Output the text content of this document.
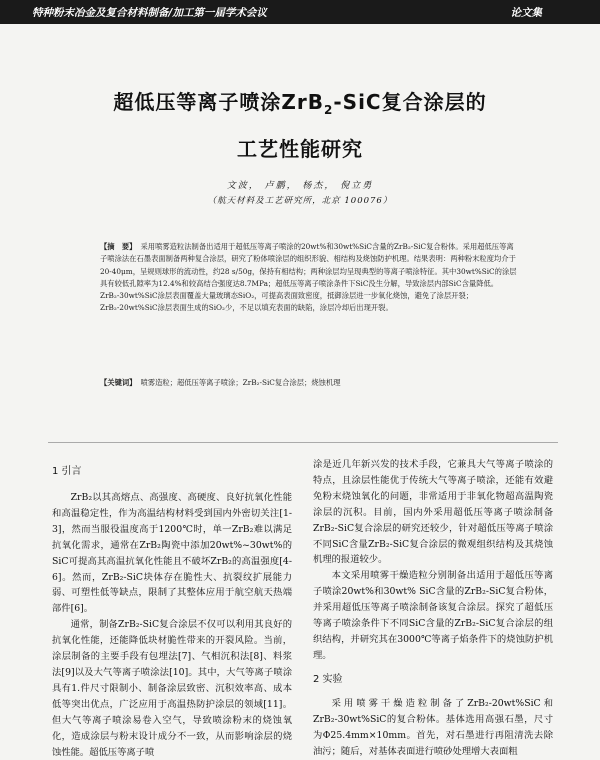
特种粉末冶金及复合材料制备/加工第一届学术会议	论文集
超低压等离子喷涂ZrB$_2$-SiC复合涂层的
工艺性能研究
文波， 卢鹏， 杨杰， 倪立勇
（航天材料及工艺研究所，北京 100076）
【摘　要】 采用喷雾造粒法制备出适用于超低压等离子喷涂的20wt%和30wt%SiC含量的ZrB₂-SiC复合粉体。采用超低压等离子喷涂法在石墨表面制备两种复合涂层，研究了粉体喷涂层的组织形貌、相结构及烧蚀防护机理。结果表明：两种粉末粒度均介于20-40μm，呈规则球形的流动性，约28 s/50g，保持有相结构；两种涂层均呈现典型的等离子喷涂特征。其中30wt%SiC的涂层具有较低孔隙率为12.4%和较高结合强度达8.7MPa；超低压等离子喷涂条件下SiC没生分解，导致涂层内部SiC含量降低。ZrB₂-30wt%SiC涂层表面覆盖大量玻璃态SiO₂，可提高表面致密度，抵御涂层进一步氧化烧蚀，避免了涂层开裂；ZrB₂-20wt%SiC涂层表面生成的SiO₂少，不足以填充表面的缺陷，涂层冷却后出现开裂。
【关键词】 喷雾造粒；超低压等离子喷涂；ZrB₂-SiC复合涂层；烧蚀机理
1 引言

ZrB₂以其高熔点、高强度、高硬度、良好抗氧化性能和高温稳定性，作为高温结构材料受到国内外密切关注[1-3]，然而当服役温度高于1200℃时，单一ZrB₂难以满足抗氧化需求，通常在ZrB₂陶瓷中添加20wt%~30wt%的SiC可提高其高温抗氧化性能且不破坏ZrB₂的高温强度[4-6]。然而，ZrB₂-SiC块体存在脆性大、抗裂纹扩展能力弱、可塑性低等缺点，限制了其整体应用于航空航天热端部件[6]。

通常，制备ZrB₂-SiC复合涂层不仅可以利用其良好的抗氧化性能，还能降低块材脆性带来的开裂风险。当前，涂层制备的主要手段有包埋法[7]、气相沉积法[8]、料浆法[9]以及大气等离子喷涂法[10]。其中，大气等离子喷涂具有1.件尺寸限制小、制备涂层致密、沉积效率高、成本低等突出优点，广泛应用于高温热防护涂层的领域[11]。但大气等离子喷涂易卷入空气，导致喷涂粉末的烧蚀氧化，造成涂层与粉末设计成分不一致，从而影响涂层的烧蚀性能。超低压等离子喷

涂是近几年新兴发的技术手段，它兼具大气等离子喷涂的特点，且涂层性能优于传统大气等离子喷涂，还能有效避免粉末烧蚀氧化的问题，非常适用于非氧化物超高温陶瓷涂层的沉积。目前，国内外采用超低压等离子喷涂制备ZrB₂-SiC复合涂层的研究还较少，针对超低压等离子喷涂不同SiC含量ZrB₂-SiC复合涂层的微观组织结构及其烧蚀机理的报道较少。

本文采用喷雾干燥造粒分别制备出适用于超低压等离子喷涂20wt%和30wt% SiC含量的ZrB₂-SiC复合粉体，并采用超低压等离子喷涂制备该复合涂层。探究了超低压等离子喷涂条件下不同SiC含量的ZrB₂-SiC复合涂层的组织结构，并研究其在3000℃等离子焰条件下的烧蚀防护机理。

2 实验

采用喷雾干燥造粒制备了ZrB₂-20wt%SiC和ZrB₂-30wt%SiC的复合粉体。基体选用高强石墨，尺寸为Φ25.4mm×10mm。首先，对石墨进行再阻清洗去除油污；随后，对基体表面进行喷砂处理增大表面粗
